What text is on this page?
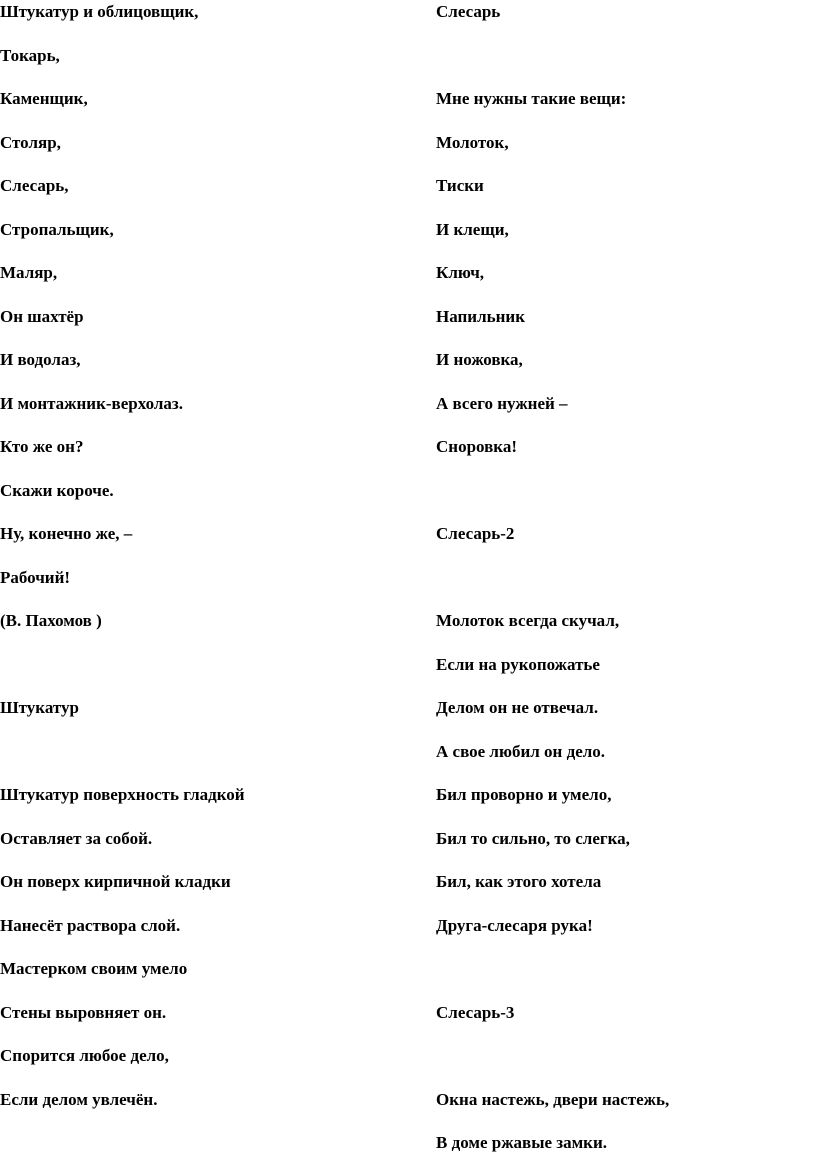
Штукатур и облицовщик,
Токарь,
Каменщик,
Столяр,
Слесарь,
Стропальщик,
Маляр,
Он шахтёр
И водолаз,
И монтажник-верхолаз.
Кто же он?
Скажи короче.
Ну, конечно же, –
Рабочий!
(В. Пахомов )
Штукатур
Штукатур поверхность гладкой
Оставляет за собой.
Он поверх кирпичной кладки
Нанесёт раствора слой.
Мастерком своим умело
Стены выровняет он.
Спорится любое дело,
Если делом увлечён.
Слесарь
Мне нужны такие вещи:
Молоток,
Тиски
И клещи,
Ключ,
Напильник
И ножовка,
А всего нужней –
Сноровка!
Слесарь-2
Молоток всегда скучал,
Если на рукопожатье
Делом он не отвечал.
А свое любил он дело.
Бил проворно и умело,
Бил то сильно, то слегка,
Бил, как этого хотела
Друга-слесаря рука!
Слесарь-3
Окна настежь, двери настежь,
В доме ржавые замки.
